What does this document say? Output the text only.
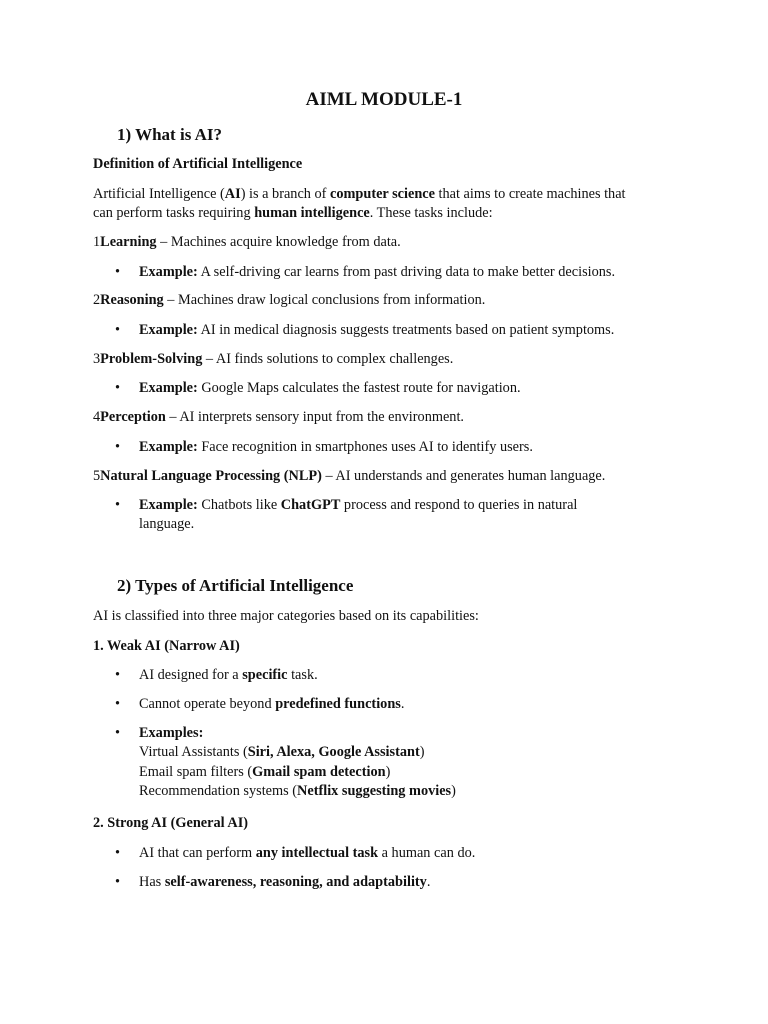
AIML MODULE-1
1) What is AI?
Definition of Artificial Intelligence
Artificial Intelligence (AI) is a branch of computer science that aims to create machines that
can perform tasks requiring human intelligence. These tasks include:
1Learning – Machines acquire knowledge from data.
• Example: A self-driving car learns from past driving data to make better decisions.
2Reasoning – Machines draw logical conclusions from information.
• Example: AI in medical diagnosis suggests treatments based on patient symptoms.
3Problem-Solving – AI finds solutions to complex challenges.
• Example: Google Maps calculates the fastest route for navigation.
4Perception – AI interprets sensory input from the environment.
• Example: Face recognition in smartphones uses AI to identify users.
5Natural Language Processing (NLP) – AI understands and generates human language.
• Example: Chatbots like ChatGPT process and respond to queries in natural
language.
2) Types of Artificial Intelligence
AI is classified into three major categories based on its capabilities:
1. Weak AI (Narrow AI)
• AI designed for a specific task.
• Cannot operate beyond predefined functions.
• Examples:
Virtual Assistants (Siri, Alexa, Google Assistant)
Email spam filters (Gmail spam detection)
Recommendation systems (Netflix suggesting movies)
2. Strong AI (General AI)
• AI that can perform any intellectual task a human can do.
• Has self-awareness, reasoning, and adaptability.
